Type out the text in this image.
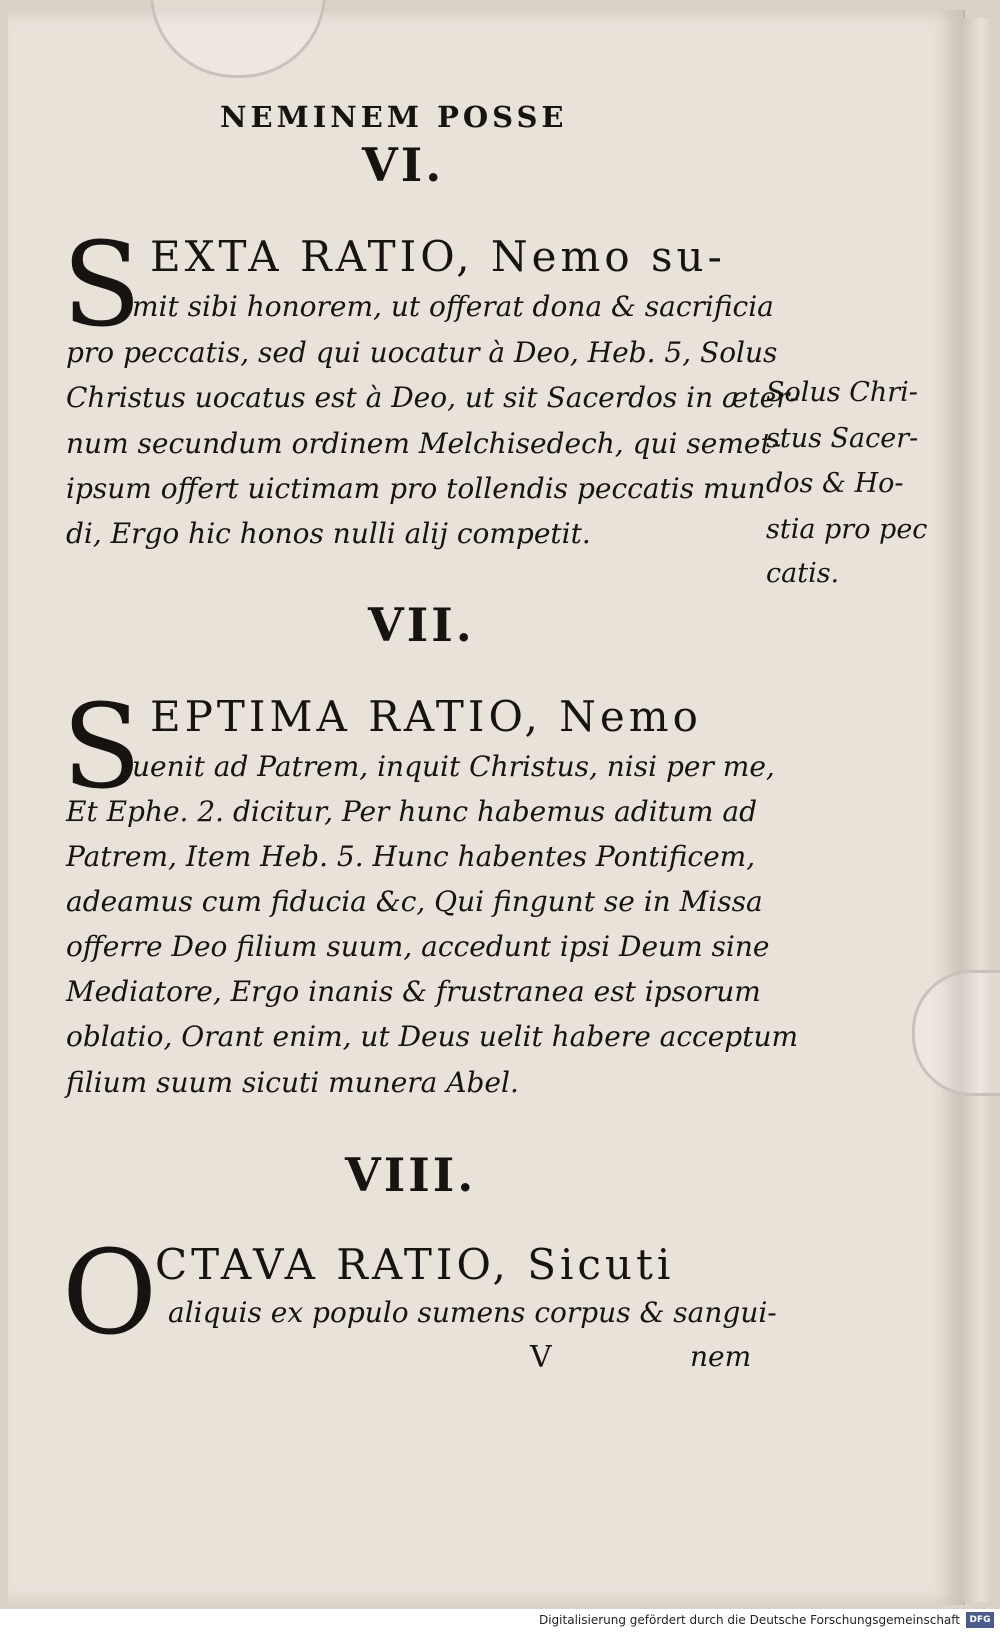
NEMINEM POSSE
VI.
S EXTA RATIO, Nemo su-
mit sibi honorem, ut offerat dona & sacrificia
pro peccatis, sed qui uocatur à Deo, Heb. 5, Solus
Christus uocatus est à Deo, ut sit Sacerdos in æter-
num secundum ordinem Melchisedech, qui semet-
ipsum offert uictimam pro tollendis peccatis mun
di, Ergo hic honos nulli alij competit.
Solus Chri-
stus Sacer-
dos & Ho-
stia pro pec
catis.
VII.
S EPTIMA RATIO, Nemo
uenit ad Patrem, inquit Christus, nisi per me,
Et Ephe. 2. dicitur, Per hunc habemus aditum ad
Patrem, Item Heb. 5. Hunc habentes Pontificem,
adeamus cum fiducia &c, Qui fingunt se in Missa
offerre Deo filium suum, accedunt ipsi Deum sine
Mediatore, Ergo inanis & frustranea est ipsorum
oblatio, Orant enim, ut Deus uelit habere acceptum
filium suum sicuti munera Abel.
VIII.
O
CTAVA RATIO, Sicuti
aliquis ex populo sumens corpus & sangui-
V	nem
Digitalisierung gefördert durch die Deutsche Forschungsgemeinschaft	DFG
